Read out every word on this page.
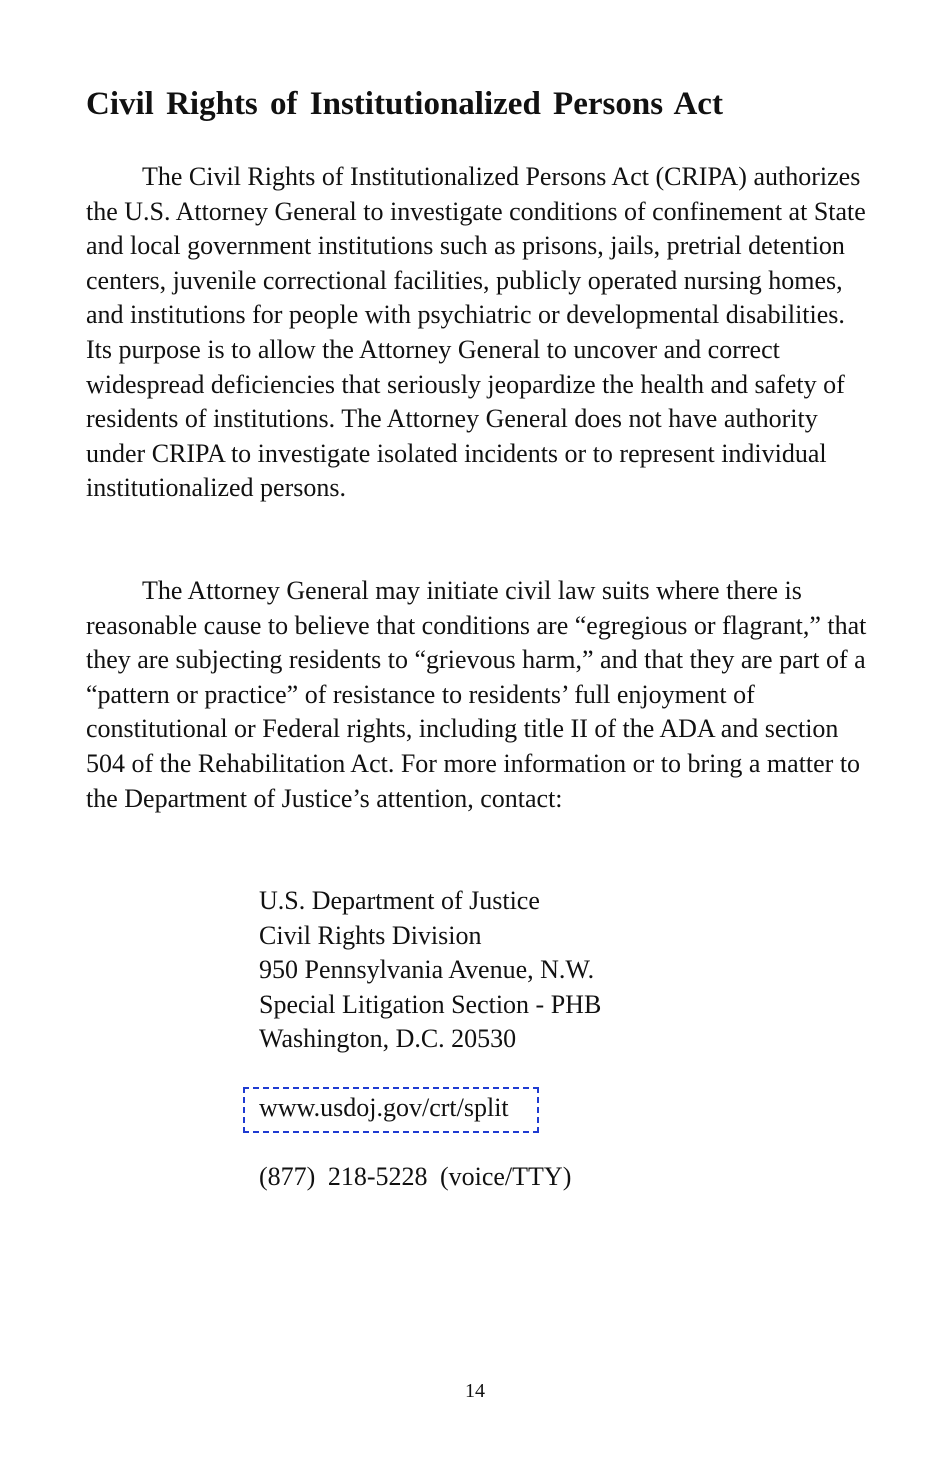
Civil Rights of Institutionalized Persons Act

The Civil Rights of Institutionalized Persons Act (CRIPA) authorizes the U.S. Attorney General to investigate conditions of confinement at State and local government institutions such as prisons, jails, pretrial detention centers, juvenile correctional facilities, publicly operated nursing homes, and institutions for people with psychiatric or developmental disabilities. Its purpose is to allow the Attorney General to uncover and correct widespread deficiencies that seriously jeopardize the health and safety of residents of institutions. The Attorney General does not have authority under CRIPA to investigate isolated incidents or to represent individual institutionalized persons.

The Attorney General may initiate civil law suits where there is reasonable cause to believe that conditions are “egregious or flagrant,” that they are subjecting residents to “grievous harm,” and that they are part of a “pattern or practice” of resistance to residents’ full enjoyment of constitutional or Federal rights, including title II of the ADA and section 504 of the Rehabilitation Act. For more information or to bring a matter to the Department of Justice’s attention, contact:

U.S. Department of Justice
Civil Rights Division
950 Pennsylvania Avenue, N.W.
Special Litigation Section - PHB
Washington, D.C. 20530
www.usdoj.gov/crt/split
(877) 218-5228 (voice/TTY)
14
